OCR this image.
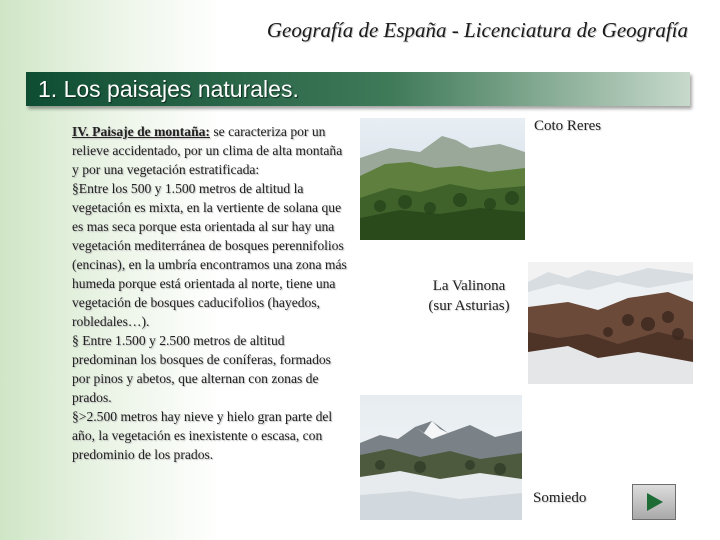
Geografía de España - Licenciatura de Geografía
1. Los paisajes naturales.
IV. Paisaje de montaña: se caracteriza por un relieve accidentado, por un clima de alta montaña y por una vegetación estratificada:
§Entre los 500 y 1.500 metros de altitud la vegetación es mixta, en la vertiente de solana que es mas seca porque esta orientada al sur hay una vegetación mediterránea de bosques perennifolios (encinas), en la umbría encontramos una zona más humeda porque está orientada al norte, tiene una vegetación de bosques caducifolios (hayedos, robledales…).
§ Entre 1.500 y 2.500 metros de altitud predominan los bosques de coníferas, formados por pinos y abetos, que alternan con zonas de prados.
§>2.500 metros hay nieve y hielo gran parte del año, la vegetación es inexistente o escasa, con predominio de los prados.
Coto Reres
La Valinona
(sur Asturias)
Somiedo
